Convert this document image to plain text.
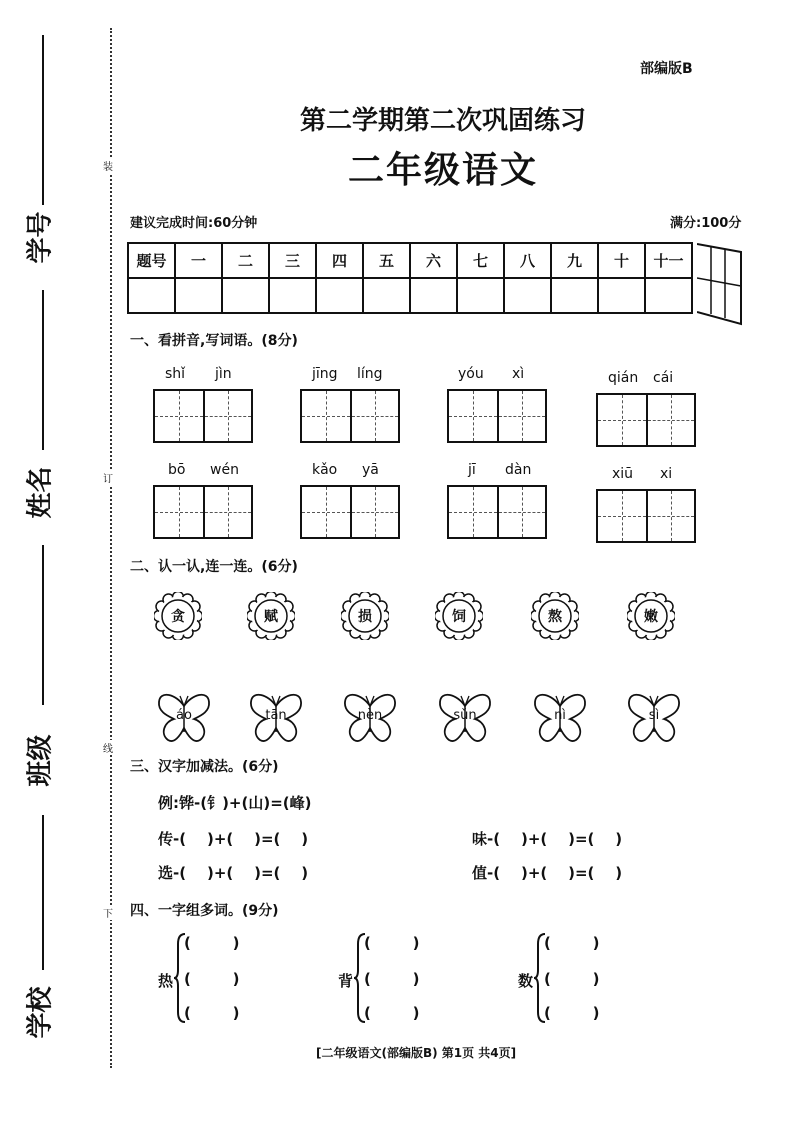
学号
姓名
班级
学校
装
订
线
下
部编版B
第二学期第二次巩固练习
二年级语文
建议完成时间:60分钟	满分:100分
题号	一	二	三	四	五	六	七	八	九	十	十一

一、看拼音,写词语。(8分)
shǐ jìn	jīng líng	yóu xì	qián cái
bō wén	kǎo yā	jī dàn	xiū xi
二、认一认,连一连。(6分)
贪	赋	损	饲	熬	嫩
áo	tān	nèn	sǔn	nì	sì
三、汉字加减法。(6分)
例:铧-(钅)+(山)=(峰)
传-(    )+(    )=(    )	味-(    )+(    )=(    )
选-(    )+(    )=(    )	值-(    )+(    )=(    )
四、一字组多词。(9分)
热
(        )
(        )
(        )
背
(        )
(        )
(        )
数
(        )
(        )
(        )
[二年级语文(部编版B) 第1页 共4页]
